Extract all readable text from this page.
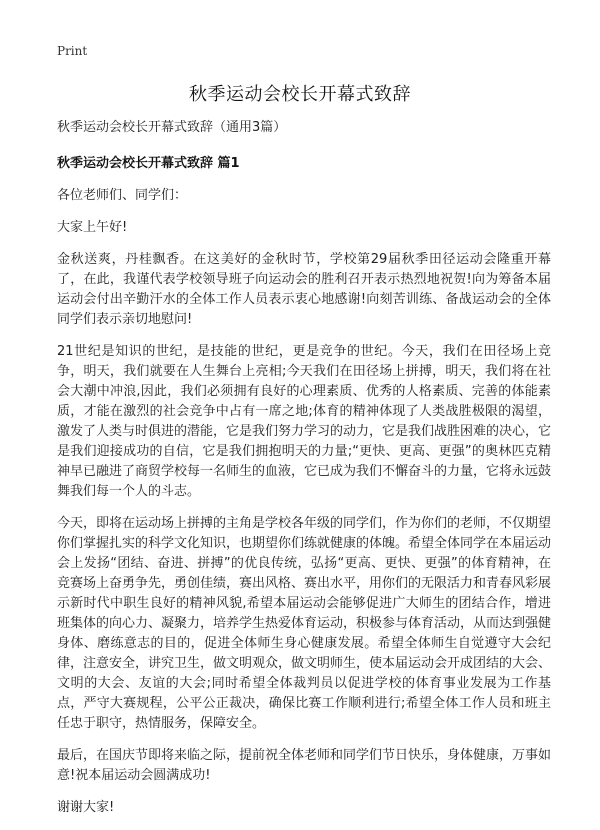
Print
秋季运动会校长开幕式致辞

秋季运动会校长开幕式致辞（通用3篇）

秋季运动会校长开幕式致辞 篇1

各位老师们、同学们：

大家上午好!

金秋送爽，丹桂飘香。在这美好的金秋时节，学校第29届秋季田径运动会隆重开幕了，在此，我谨代表学校领导班子向运动会的胜利召开表示热烈地祝贺!向为筹备本届运动会付出辛勤汗水的全体工作人员表示衷心地感谢!向刻苦训练、备战运动会的全体同学们表示亲切地慰问!

21世纪是知识的世纪，是技能的世纪，更是竞争的世纪。今天，我们在田径场上竞争，明天，我们就要在人生舞台上亮相;今天我们在田径场上拼搏，明天，我们将在社会大潮中冲浪,因此，我们必须拥有良好的心理素质、优秀的人格素质、完善的体能素质，才能在激烈的社会竞争中占有一席之地;体育的精神体现了人类战胜极限的渴望，激发了人类与时俱进的潜能，它是我们努力学习的动力，它是我们战胜困难的决心，它是我们迎接成功的自信，它是我们拥抱明天的力量;“更快、更高、更强”的奥林匹克精神早已融进了商贸学校每一名师生的血液，它已成为我们不懈奋斗的力量，它将永远鼓舞我们每一个人的斗志。

今天，即将在运动场上拼搏的主角是学校各年级的同学们，作为你们的老师，不仅期望你们掌握扎实的科学文化知识，也期望你们练就健康的体魄。希望全体同学在本届运动会上发扬“团结、奋进、拼搏”的优良传统，弘扬“更高、更快、更强”的体育精神，在竞赛场上奋勇争先，勇创佳绩，赛出风格、赛出水平，用你们的无限活力和青春风彩展示新时代中职生良好的精神风貌,希望本届运动会能够促进广大师生的团结合作，增进班集体的向心力、凝聚力，培养学生热爱体育运动，积极参与体育活动，从而达到强健身体、磨练意志的目的，促进全体师生身心健康发展。希望全体师生自觉遵守大会纪律，注意安全，讲究卫生，做文明观众，做文明师生，使本届运动会开成团结的大会、文明的大会、友谊的大会;同时希望全体裁判员以促进学校的体育事业发展为工作基点，严守大赛规程，公平公正裁决，确保比赛工作顺利进行;希望全体工作人员和班主任忠于职守，热情服务，保障安全。

最后，在国庆节即将来临之际，提前祝全体老师和同学们节日快乐，身体健康，万事如意!祝本届运动会圆满成功!

谢谢大家!
